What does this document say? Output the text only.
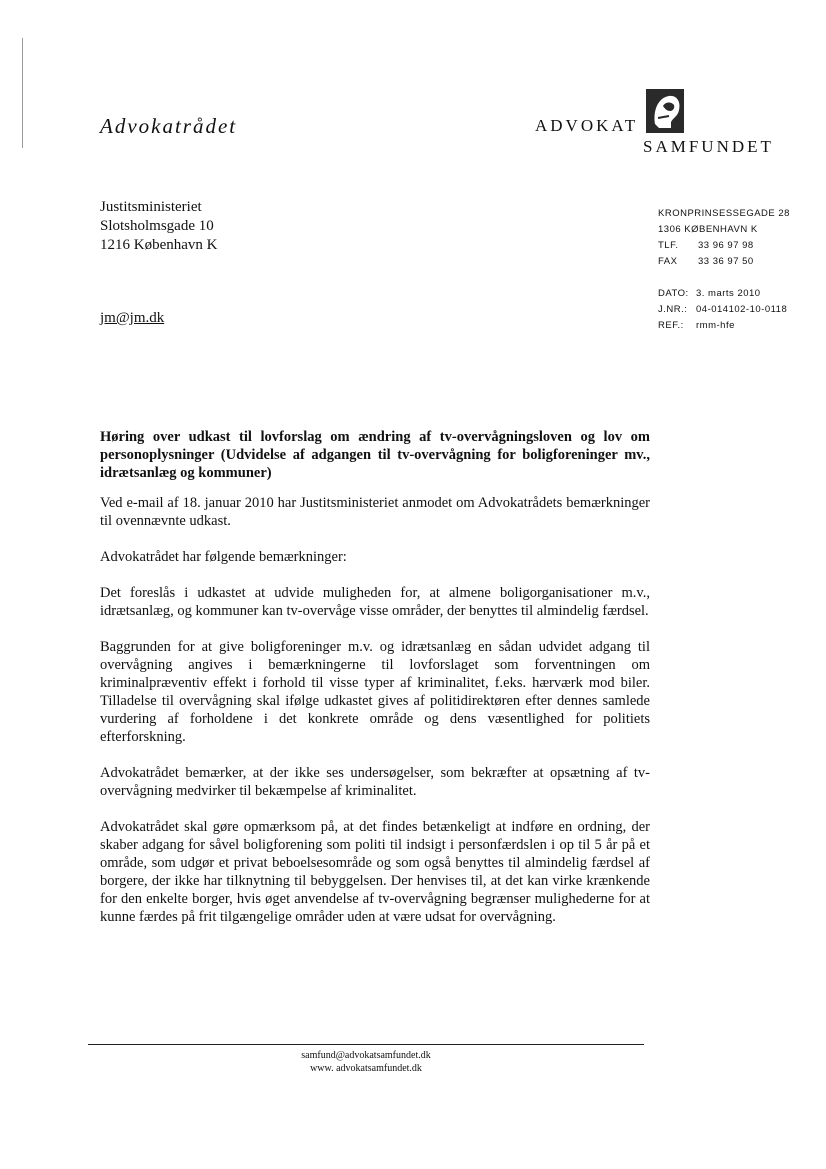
Advokatrådet	ADVOKAT
SAMFUNDET
Justitsministeriet
Slotsholmsgade 10
1216 København K
jm@jm.dk
KRONPRINSESSEGADE 28
1306 KØBENHAVN K
TLF. 33 96 97 98
FAX 33 36 97 50
DATO: 3. marts 2010
J.NR.: 04-014102-10-0118
REF.: rmm-hfe

Høring over udkast til lovforslag om ændring af tv-overvågningsloven og lov om personoplysninger (Udvidelse af adgangen til tv-overvågning for boligforeninger mv., idrætsanlæg og kommuner)

Ved e-mail af 18. januar 2010 har Justitsministeriet anmodet om Advokatrådets bemærkninger til ovennævnte udkast.

Advokatrådet har følgende bemærkninger:

Det foreslås i udkastet at udvide muligheden for, at almene boligorganisationer m.v., idrætsanlæg, og kommuner kan tv-overvåge visse områder, der benyttes til almindelig færdsel.

Baggrunden for at give boligforeninger m.v. og idrætsanlæg en sådan udvidet adgang til overvågning angives i bemærkningerne til lovforslaget som forventningen om kriminalpræventiv effekt i forhold til visse typer af kriminalitet, f.eks. hærværk mod biler. Tilladelse til overvågning skal ifølge udkastet gives af politidirektøren efter dennes samlede vurdering af forholdene i det konkrete område og dens væsentlighed for politiets efterforskning.

Advokatrådet bemærker, at der ikke ses undersøgelser, som bekræfter at opsætning af tv-overvågning medvirker til bekæmpelse af kriminalitet.

Advokatrådet skal gøre opmærksom på, at det findes betænkeligt at indføre en ordning, der skaber adgang for såvel boligforening som politi til indsigt i personfærdslen i op til 5 år på et område, som udgør et privat beboelsesområde og som også benyttes til almindelig færdsel af borgere, der ikke har tilknytning til bebyggelsen. Der henvises til, at det kan virke krænkende for den enkelte borger, hvis øget anvendelse af tv-overvågning begrænser mulighederne for at kunne færdes på frit tilgængelige områder uden at være udsat for overvågning.

samfund@advokatsamfundet.dk
www. advokatsamfundet.dk
